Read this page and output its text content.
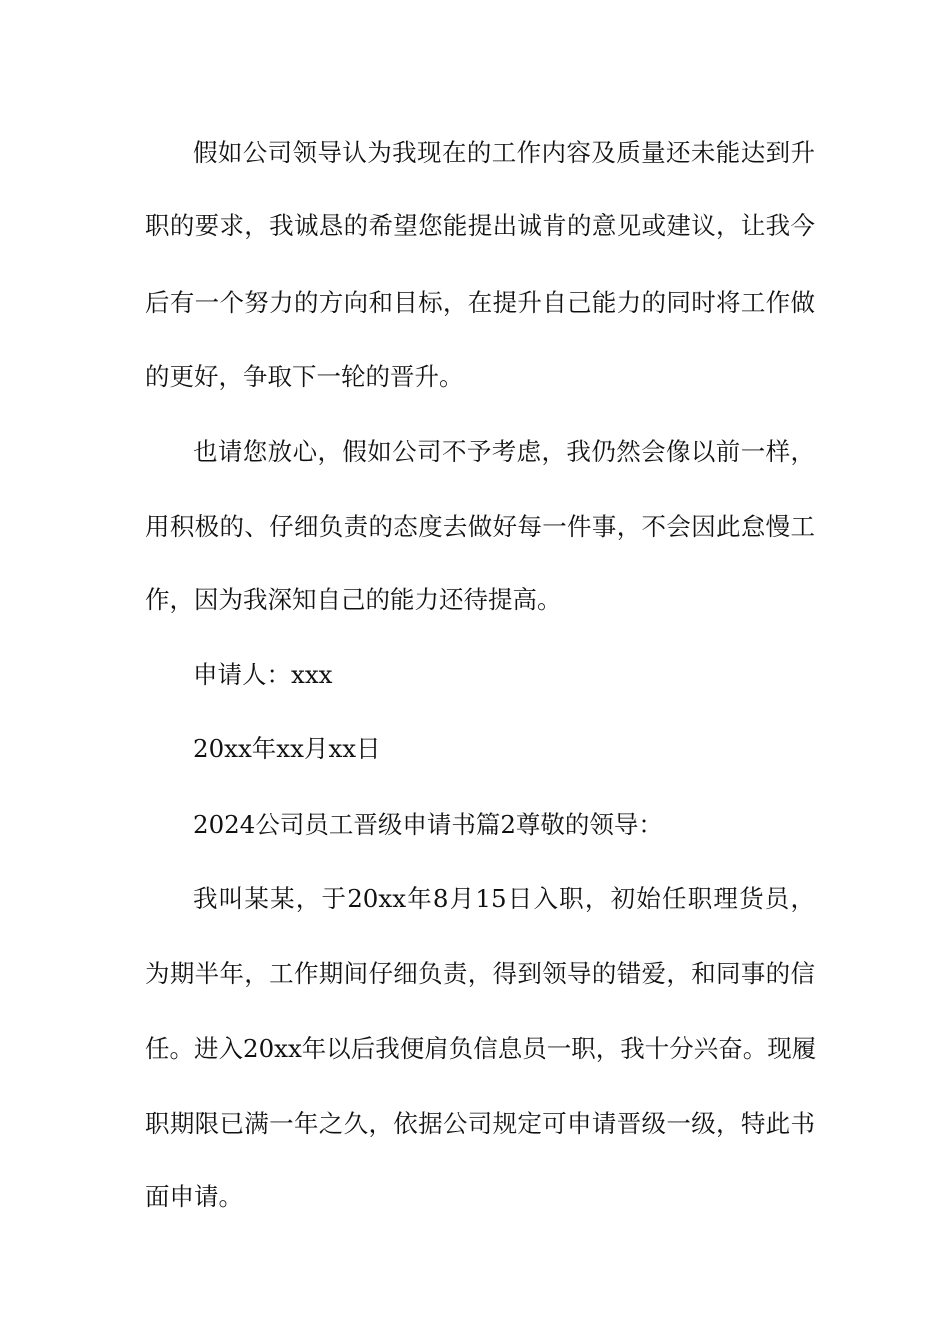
假如公司领导认为我现在的工作内容及质量还未能达到升
职的要求，我诚恳的希望您能提出诚肯的意见或建议，让我今
后有一个努力的方向和目标，在提升自己能力的同时将工作做
的更好，争取下一轮的晋升。
也请您放心，假如公司不予考虑，我仍然会像以前一样，
用积极的、仔细负责的态度去做好每一件事，不会因此怠慢工
作，因为我深知自己的能力还待提高。
申请人：xxx
20xx年xx月xx日
2024公司员工晋级申请书篇2尊敬的领导：
我叫某某，于20xx年8月15日入职，初始任职理货员，
为期半年，工作期间仔细负责，得到领导的错爱，和同事的信
任。进入20xx年以后我便肩负信息员一职，我十分兴奋。现履
职期限已满一年之久，依据公司规定可申请晋级一级，特此书
面申请。
